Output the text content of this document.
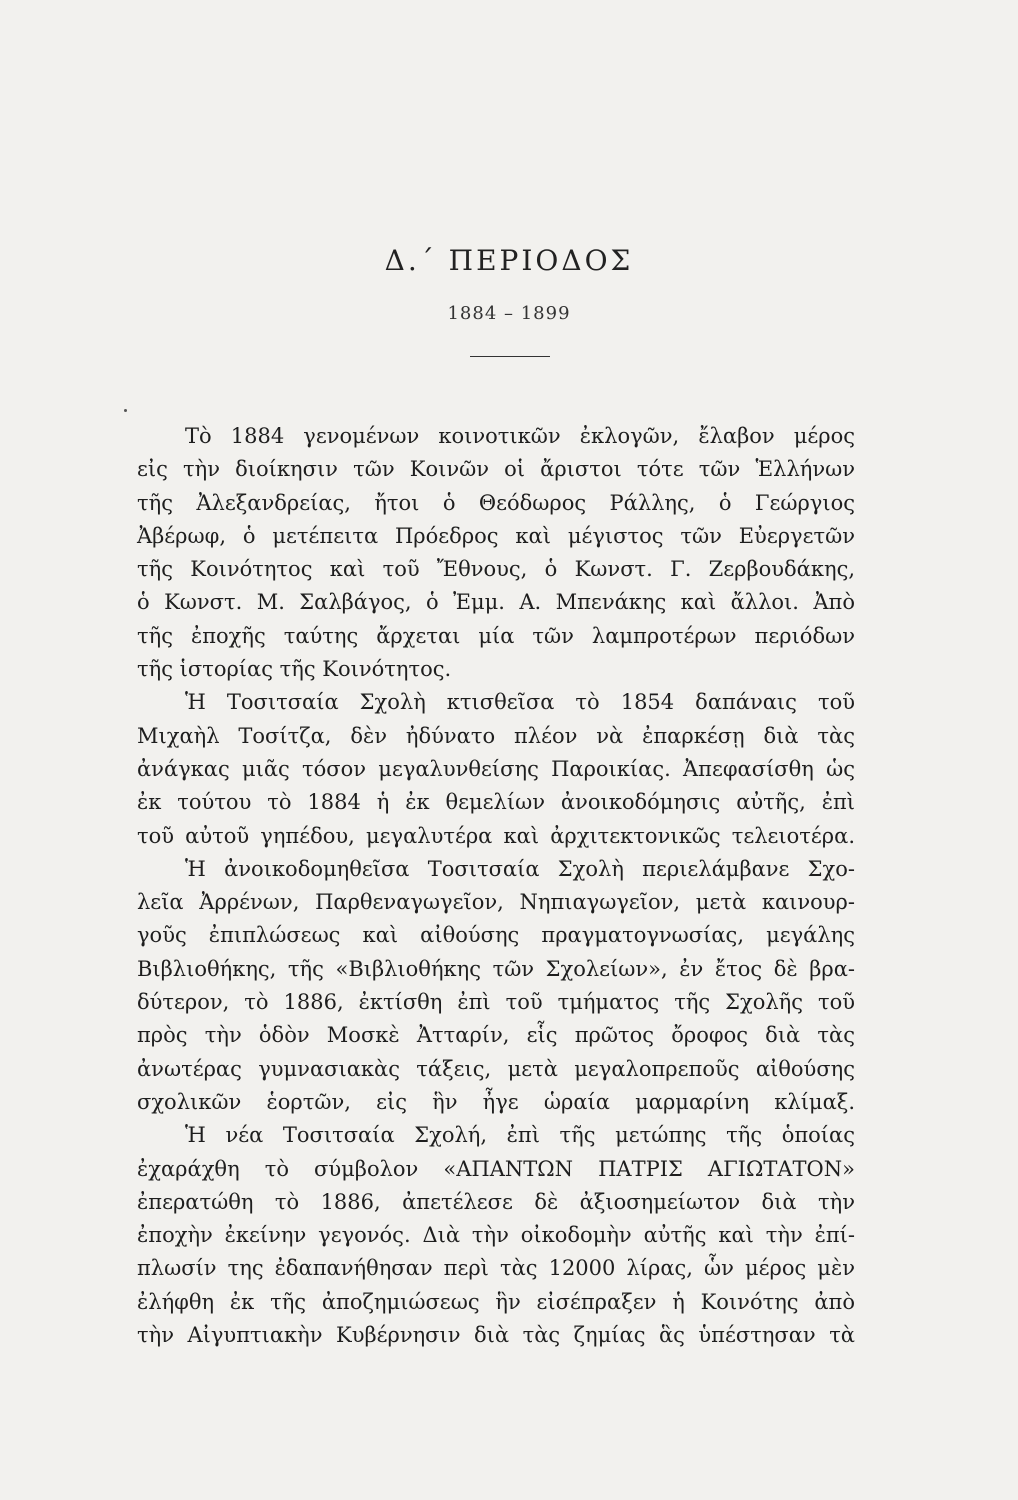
Δ.´ ΠΕΡΙΟΔΟΣ
1884 – 1899
Τὸ 1884 γενομένων κοινοτικῶν ἐκλογῶν, ἔλαβον μέρος
εἰς τὴν διοίκησιν τῶν Κοινῶν οἱ ἄριστοι τότε τῶν Ἑλλήνων
τῆς Ἀλεξανδρείας, ἤτοι ὁ Θεόδωρος Ράλλης, ὁ Γεώργιος
Ἀβέρωφ, ὁ μετέπειτα Πρόεδρος καὶ μέγιστος τῶν Εὐεργετῶν
τῆς Κοινότητος καὶ τοῦ Ἔθνους, ὁ Κωνστ. Γ. Ζερβουδάκης,
ὁ Κωνστ. Μ. Σαλβάγος, ὁ Ἐμμ. Α. Μπενάκης καὶ ἄλλοι. Ἀπὸ
τῆς ἐποχῆς ταύτης ἄρχεται μία τῶν λαμπροτέρων περιόδων
τῆς ἱστορίας τῆς Κοινότητος.
Ἡ Τοσιτσαία Σχολὴ κτισθεῖσα τὸ 1854 δαπάναις τοῦ
Μιχαὴλ Τοσίτζα, δὲν ἠδύνατο πλέον νὰ ἐπαρκέσῃ διὰ τὰς
ἀνάγκας μιᾶς τόσον μεγαλυνθείσης Παροικίας. Ἀπεφασίσθη ὡς
ἐκ τούτου τὸ 1884 ἡ ἐκ θεμελίων ἀνοικοδόμησις αὐτῆς, ἐπὶ
τοῦ αὐτοῦ γηπέδου, μεγαλυτέρα καὶ ἀρχιτεκτονικῶς τελειοτέρα.
Ἡ ἀνοικοδομηθεῖσα Τοσιτσαία Σχολὴ περιελάμβανε Σχο-
λεῖα Ἀρρένων, Παρθεναγωγεῖον, Νηπιαγωγεῖον, μετὰ καινουρ-
γοῦς ἐπιπλώσεως καὶ αἰθούσης πραγματογνωσίας, μεγάλης
Βιβλιοθήκης, τῆς «Βιβλιοθήκης τῶν Σχολείων», ἐν ἔτος δὲ βρα-
δύτερον, τὸ 1886, ἐκτίσθη ἐπὶ τοῦ τμήματος τῆς Σχολῆς τοῦ
πρὸς τὴν ὁδὸν Μοσκὲ Ἀτταρίν, εἷς πρῶτος ὄροφος διὰ τὰς
ἀνωτέρας γυμνασιακὰς τάξεις, μετὰ μεγαλοπρεποῦς αἰθούσης
σχολικῶν ἑορτῶν, εἰς ἣν ἦγε ὡραία μαρμαρίνη κλίμαξ.
Ἡ νέα Τοσιτσαία Σχολή, ἐπὶ τῆς μετώπης τῆς ὁποίας
ἐχαράχθη τὸ σύμβολον «ΑΠΑΝΤΩΝ ΠΑΤΡΙΣ ΑΓΙΩΤΑΤΟΝ»
ἐπερατώθη τὸ 1886, ἀπετέλεσε δὲ ἀξιοσημείωτον διὰ τὴν
ἐποχὴν ἐκείνην γεγονός. Διὰ τὴν οἰκοδομὴν αὐτῆς καὶ τὴν ἐπί-
πλωσίν της ἐδαπανήθησαν περὶ τὰς 12000 λίρας, ὧν μέρος μὲν
ἐλήφθη ἐκ τῆς ἀποζημιώσεως ἣν εἰσέπραξεν ἡ Κοινότης ἀπὸ
τὴν Αἰγυπτιακὴν Κυβέρνησιν διὰ τὰς ζημίας ἃς ὑπέστησαν τὰ
